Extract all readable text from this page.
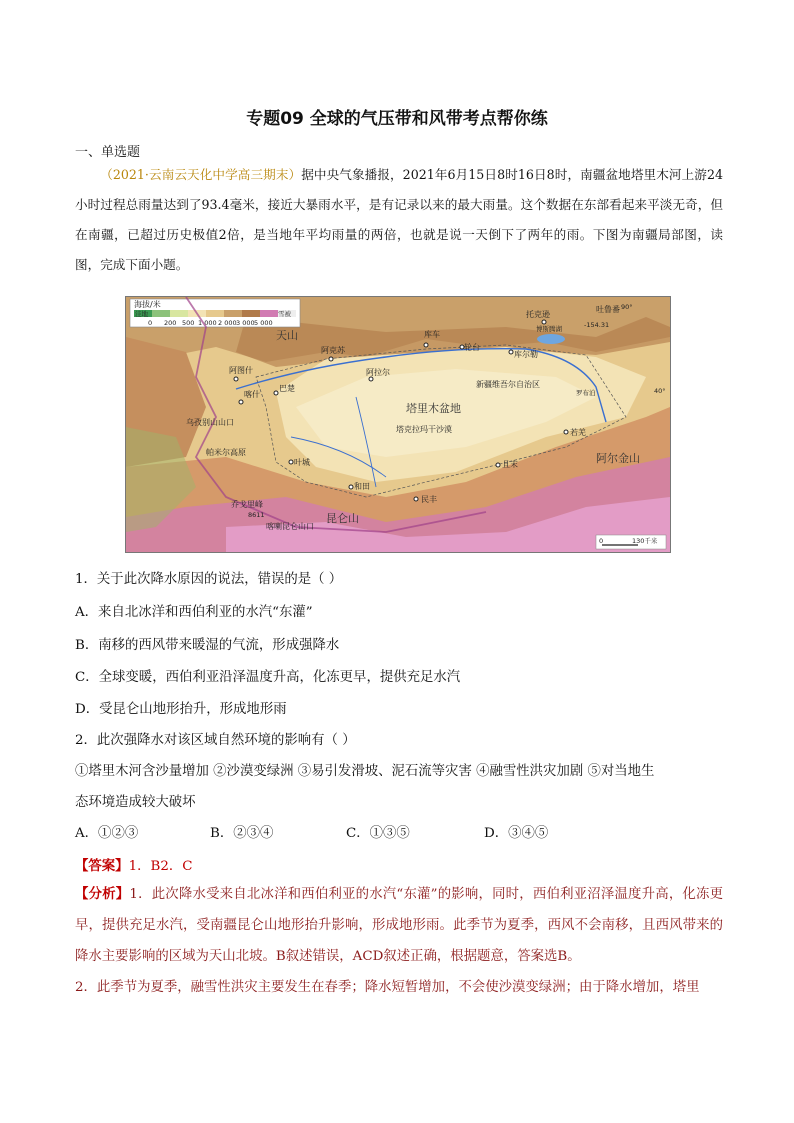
专题09 全球的气压带和风带考点帮你练
一、单选题
（2021·云南云天化中学高三期末）据中央气象播报，2021年6月15日8时16日8时，南疆盆地塔里木河上游24小时过程总雨量达到了93.4毫米，接近大暴雨水平，是有记录以来的最大雨量。这个数据在东部看起来平淡无奇，但在南疆，已超过历史极值2倍，是当地年平均雨量的两倍，也就是说一天倒下了两年的雨。下图为南疆局部图，读图，完成下面小题。
海拔/米
洼地	雪被
0 200 500 1 000 2 000 3 000 5 000
库车
轮台
阿克苏
阿拉尔
阿图什
喀什
乌孜别山山口
帕米尔高原
叶城
和田
民丰
且末
若羌
库尔勒
托克逊
吐鲁番
乔戈里峰
喀喇昆仑山口
巴楚
博斯腾湖
罗布泊
-154.31
8611
90°
40°
天山
塔里木盆地
塔克拉玛干沙漠
昆仑山
阿尔金山
新疆维吾尔自治区
0	130千米
1．关于此次降水原因的说法，错误的是（ ）
A．来自北冰洋和西伯利亚的水汽“东灌”
B．南移的西风带来暖湿的气流，形成强降水
C．全球变暖，西伯利亚沿泽温度升高，化冻更早，提供充足水汽
D．受昆仑山地形抬升，形成地形雨
2．此次强降水对该区域自然环境的影响有（ ）
①塔里木河含沙量增加 ②沙漠变绿洲 ③易引发滑坡、泥石流等灾害 ④融雪性洪灾加剧 ⑤对当地生
态环境造成较大破坏
A．①②③	B．②③④	C．①③⑤	D．③④⑤
【答案】1．B2．C
【分析】1．此次降水受来自北冰洋和西伯利亚的水汽“东灌”的影响，同时，西伯利亚沼泽温度升高，化冻更早，提供充足水汽，受南疆昆仑山地形抬升影响，形成地形雨。此季节为夏季，西风不会南移，且西风带来的降水主要影响的区域为天山北坡。B叙述错误，ACD叙述正确，根据题意，答案选B。
2．此季节为夏季，融雪性洪灾主要发生在春季；降水短暂增加，不会使沙漠变绿洲；由于降水增加，塔里
